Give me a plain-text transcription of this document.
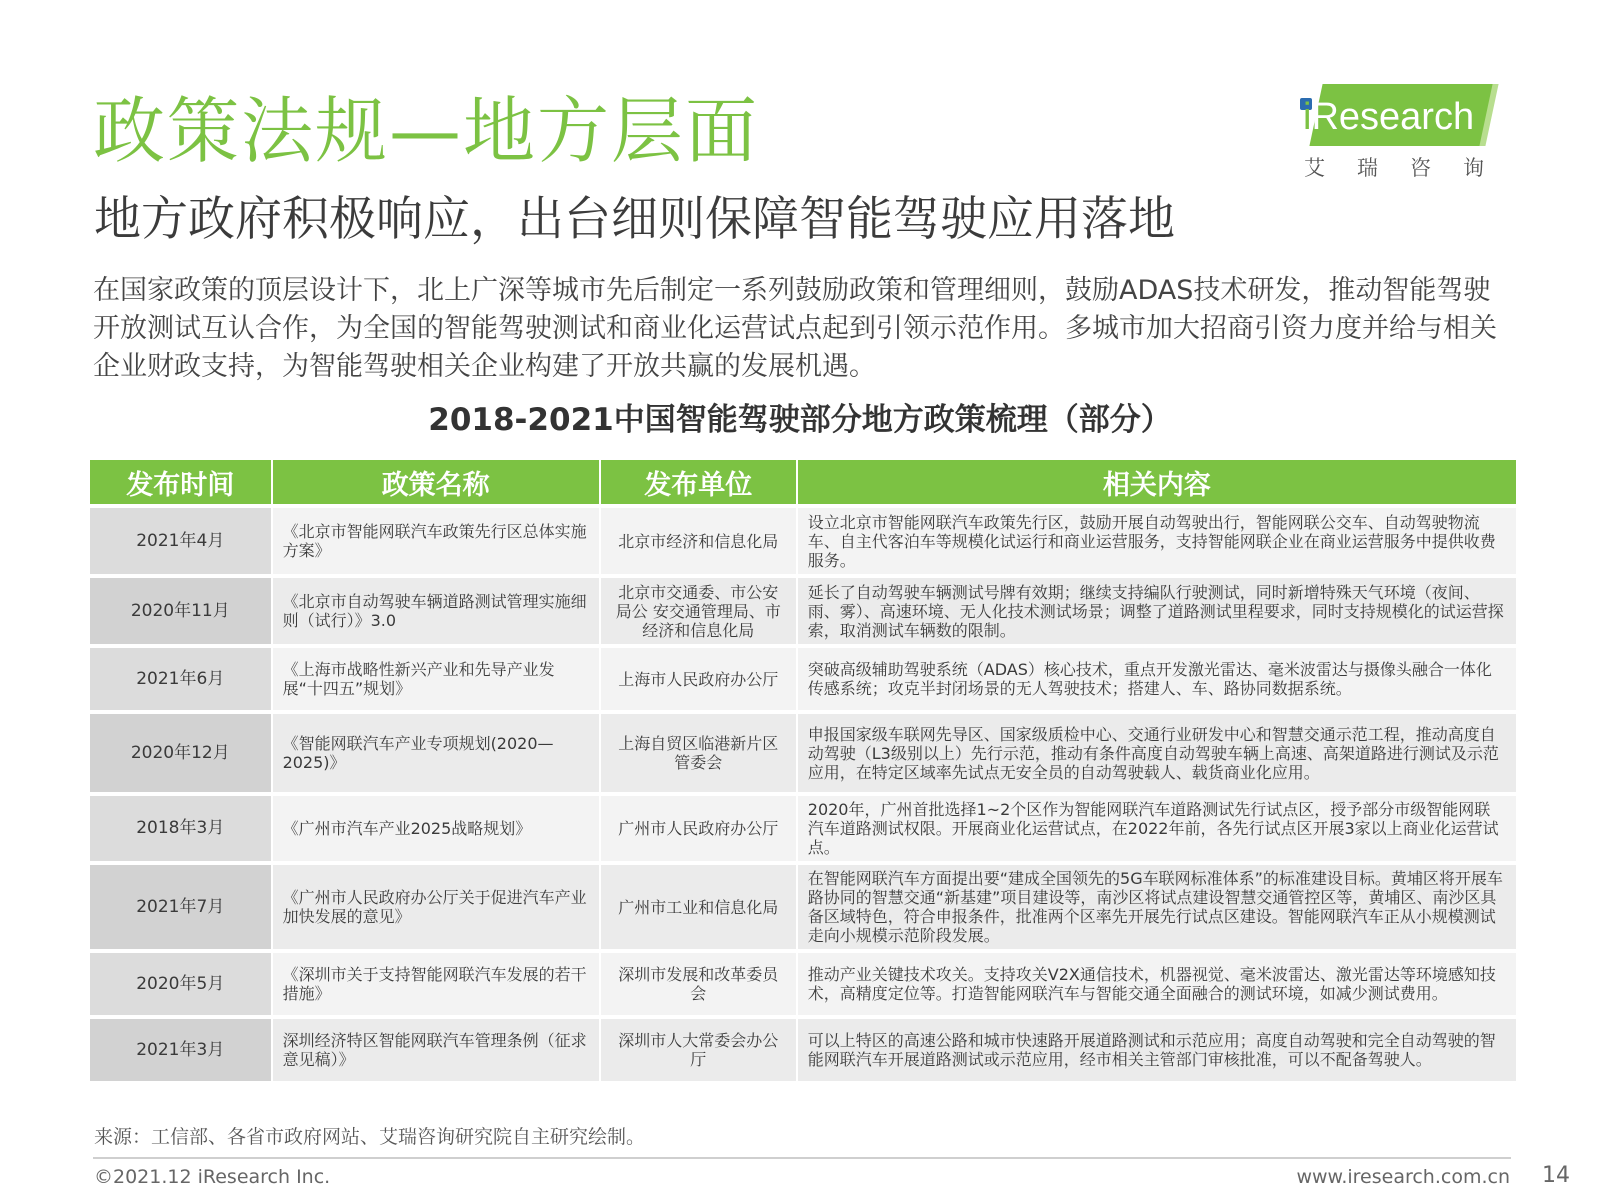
政策法规—地方层面
地方政府积极响应，出台细则保障智能驾驶应用落地
iResearch
艾瑞咨询

在国家政策的顶层设计下，北上广深等城市先后制定一系列鼓励政策和管理细则，鼓励ADAS技术研发，推动智能驾驶开放测试互认合作，为全国的智能驾驶测试和商业化运营试点起到引领示范作用。多城市加大招商引资力度并给与相关企业财政支持，为智能驾驶相关企业构建了开放共赢的发展机遇。

2018-2021中国智能驾驶部分地方政策梳理（部分）
发布时间	政策名称	发布单位	相关内容
2021年4月	《北京市智能网联汽车政策先行区总体实施方案》	北京市经济和信息化局	设立北京市智能网联汽车政策先行区，鼓励开展自动驾驶出行，智能网联公交车、自动驾驶物流车、自主代客泊车等规模化试运行和商业运营服务，支持智能网联企业在商业运营服务中提供收费服务。
2020年11月	《北京市自动驾驶车辆道路测试管理实施细则（试行）》3.0	北京市交通委、市公安局公 安交通管理局、市经济和信息化局	延长了自动驾驶车辆测试号牌有效期；继续支持编队行驶测试，同时新增特殊天气环境（夜间、 雨、雾）、高速环境、无人化技术测试场景；调整了道路测试里程要求，同时支持规模化的试运营探索，取消测试车辆数的限制。
2021年6月	《上海市战略性新兴产业和先导产业发展“十四五”规划》	上海市人民政府办公厅	突破高级辅助驾驶系统（ADAS）核心技术，重点开发激光雷达、毫米波雷达与摄像头融合一体化传感系统；攻克半封闭场景的无人驾驶技术；搭建人、车、路协同数据系统。
2020年12月	《智能网联汽车产业专项规划(2020—2025)》	上海自贸区临港新片区管委会	申报国家级车联网先导区、国家级质检中心、交通行业研发中心和智慧交通示范工程，推动高度自动驾驶（L3级别以上）先行示范，推动有条件高度自动驾驶车辆上高速、高架道路进行测试及示范应用，在特定区域率先试点无安全员的自动驾驶载人、载货商业化应用。
2018年3月	《广州市汽车产业2025战略规划》	广州市人民政府办公厅	2020年，广州首批选择1~2个区作为智能网联汽车道路测试先行试点区，授予部分市级智能网联汽车道路测试权限。开展商业化运营试点，在2022年前，各先行试点区开展3家以上商业化运营试点。
2021年7月	《广州市人民政府办公厅关于促进汽车产业加快发展的意见》	广州市工业和信息化局	在智能网联汽车方面提出要“建成全国领先的5G车联网标准体系”的标准建设目标。黄埔区将开展车路协同的智慧交通“新基建”项目建设等，南沙区将试点建设智慧交通管控区等，黄埔区、南沙区具备区域特色，符合申报条件，批准两个区率先开展先行试点区建设。智能网联汽车正从小规模测试走向小规模示范阶段发展。
2020年5月	《深圳市关于支持智能网联汽车发展的若干措施》	深圳市发展和改革委员会	推动产业关键技术攻关。支持攻关V2X通信技术，机器视觉、毫米波雷达、激光雷达等环境感知技术，高精度定位等。打造智能网联汽车与智能交通全面融合的测试环境，如减少测试费用。
2021年3月	深圳经济特区智能网联汽车管理条例（征求意见稿）》	深圳市人大常委会办公厅	可以上特区的高速公路和城市快速路开展道路测试和示范应用；高度自动驾驶和完全自动驾驶的智能网联汽车开展道路测试或示范应用，经市相关主管部门审核批准，可以不配备驾驶人。

来源：工信部、各省市政府网站、艾瑞咨询研究院自主研究绘制。

©2021.12 iResearch Inc.	www.iresearch.com.cn 14
